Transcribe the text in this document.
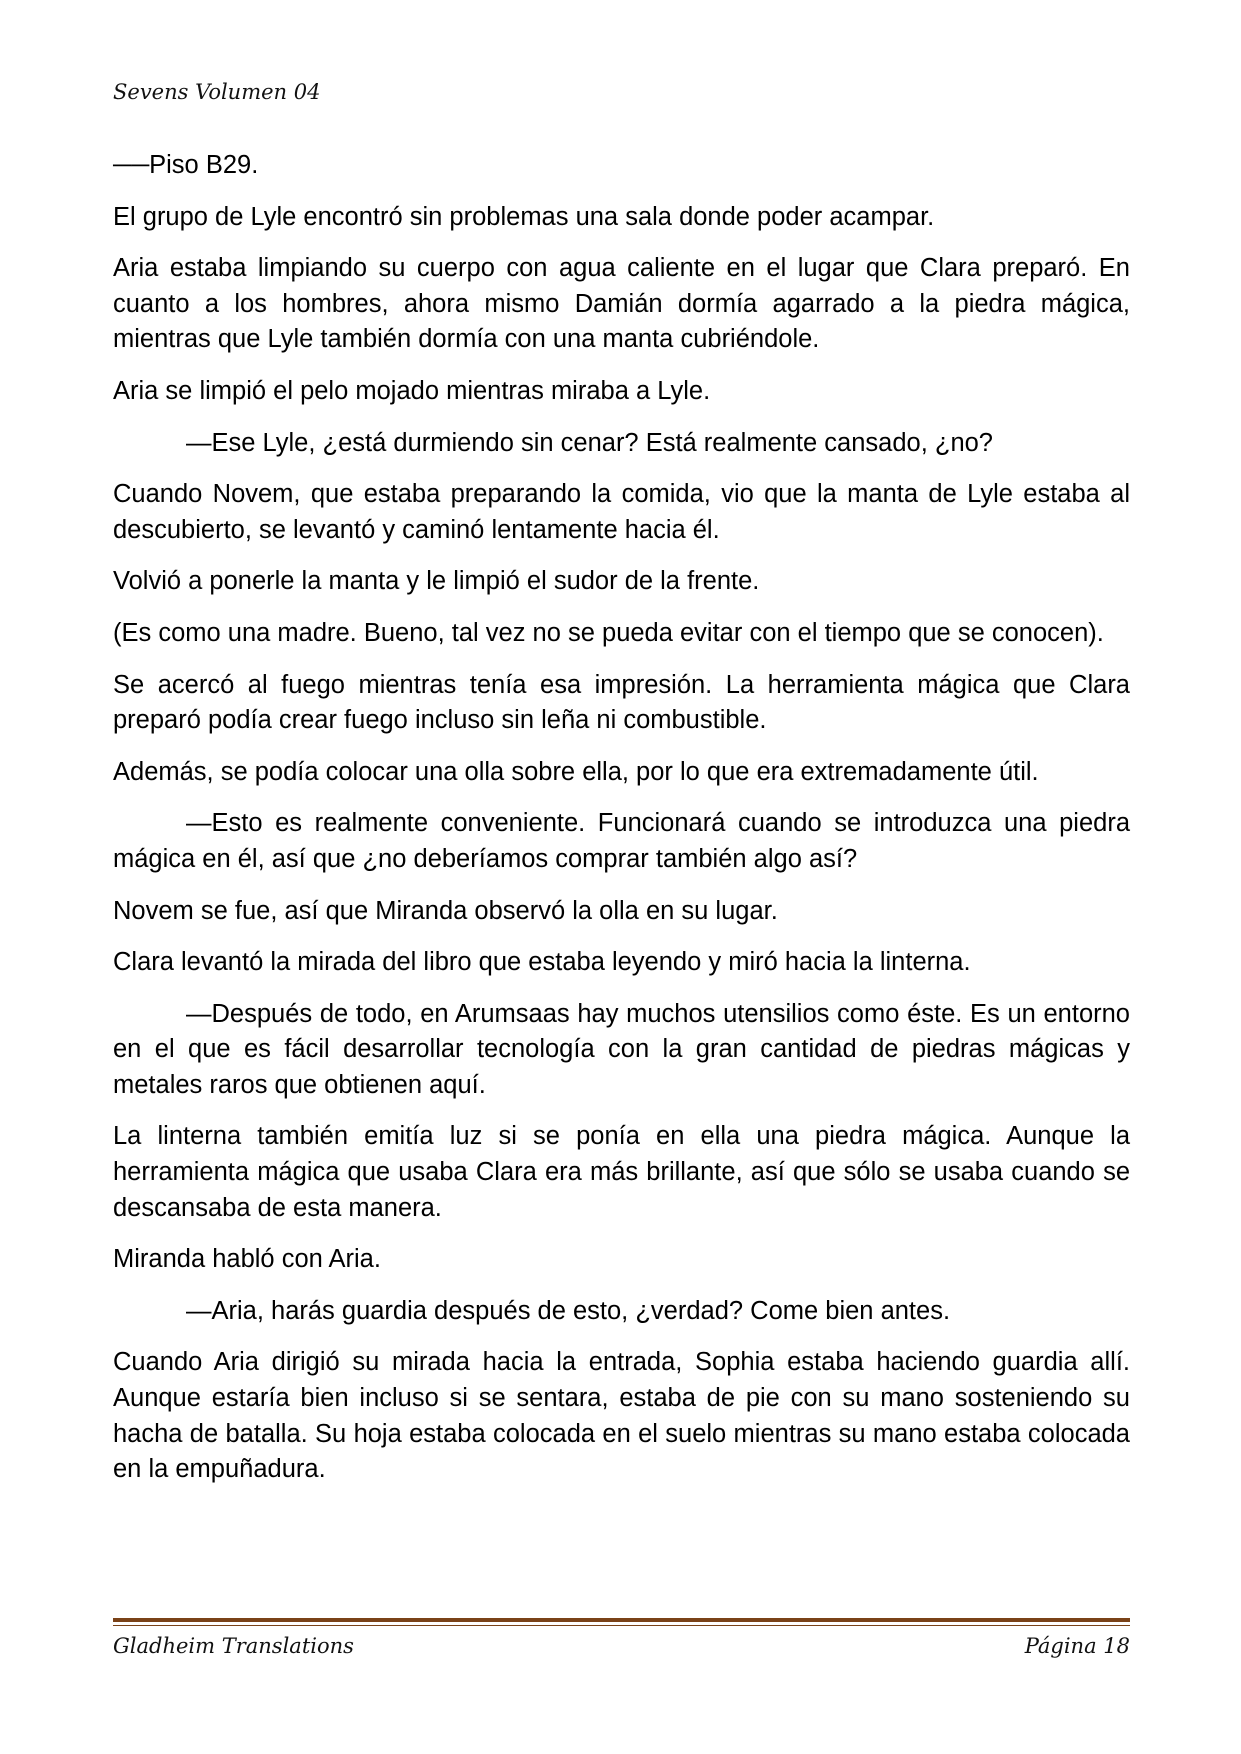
Sevens Volumen 04

──Piso B29.

El grupo de Lyle encontró sin problemas una sala donde poder acampar.

Aria estaba limpiando su cuerpo con agua caliente en el lugar que Clara preparó. En cuanto a los hombres, ahora mismo Damián dormía agarrado a la piedra mágica, mientras que Lyle también dormía con una manta cubriéndole.

Aria se limpió el pelo mojado mientras miraba a Lyle.

—Ese Lyle, ¿está durmiendo sin cenar? Está realmente cansado, ¿no?

Cuando Novem, que estaba preparando la comida, vio que la manta de Lyle estaba al descubierto, se levantó y caminó lentamente hacia él.

Volvió a ponerle la manta y le limpió el sudor de la frente.

(Es como una madre. Bueno, tal vez no se pueda evitar con el tiempo que se conocen).

Se acercó al fuego mientras tenía esa impresión. La herramienta mágica que Clara preparó podía crear fuego incluso sin leña ni combustible.

Además, se podía colocar una olla sobre ella, por lo que era extremadamente útil.

—Esto es realmente conveniente. Funcionará cuando se introduzca una piedra mágica en él, así que ¿no deberíamos comprar también algo así?

Novem se fue, así que Miranda observó la olla en su lugar.

Clara levantó la mirada del libro que estaba leyendo y miró hacia la linterna.

—Después de todo, en Arumsaas hay muchos utensilios como éste. Es un entorno en el que es fácil desarrollar tecnología con la gran cantidad de piedras mágicas y metales raros que obtienen aquí.

La linterna también emitía luz si se ponía en ella una piedra mágica. Aunque la herramienta mágica que usaba Clara era más brillante, así que sólo se usaba cuando se descansaba de esta manera.

Miranda habló con Aria.

—Aria, harás guardia después de esto, ¿verdad? Come bien antes.

Cuando Aria dirigió su mirada hacia la entrada, Sophia estaba haciendo guardia allí. Aunque estaría bien incluso si se sentara, estaba de pie con su mano sosteniendo su hacha de batalla. Su hoja estaba colocada en el suelo mientras su mano estaba colocada en la empuñadura.

Gladheim Translations	Página 18
